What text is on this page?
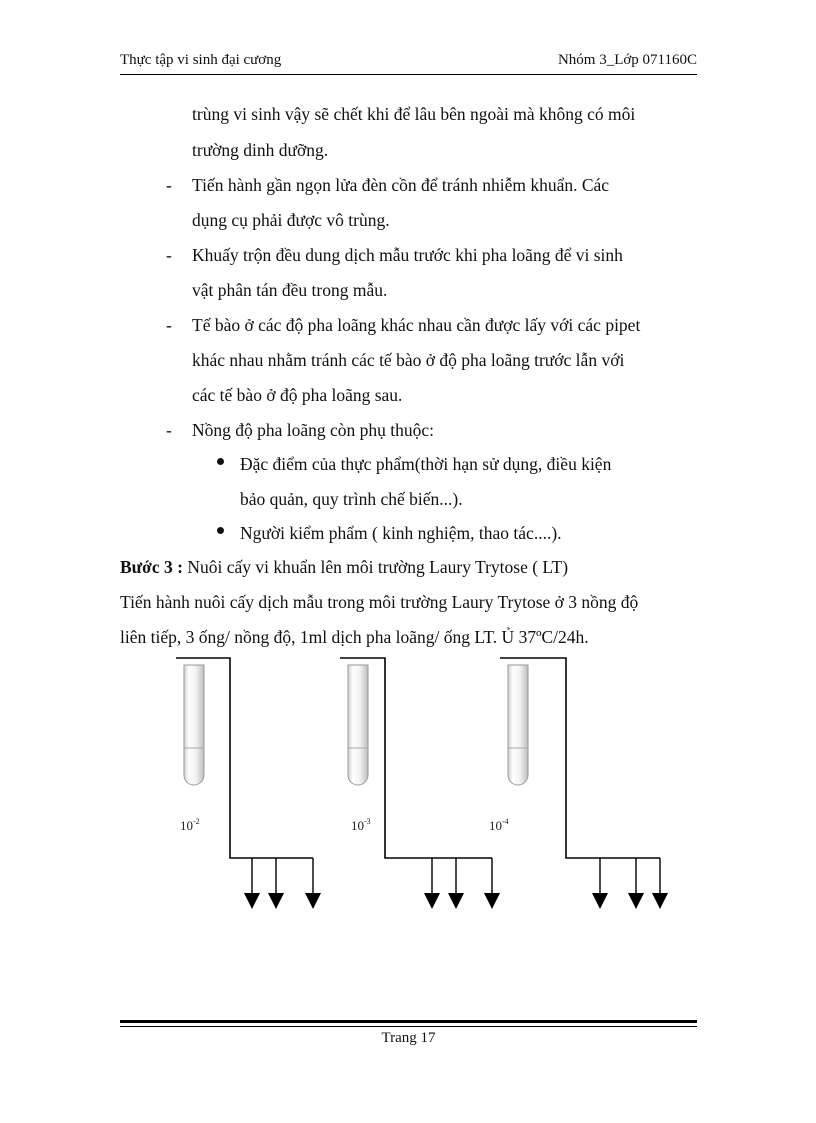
Thực tập vi sinh đại cương	Nhóm 3_Lớp 071160C
trùng vi sinh vậy sẽ chết khi để lâu bên ngoài mà không có môi
trường dinh dưỡng.
- Tiến hành gần ngọn lửa đèn cồn để tránh nhiễm khuẩn. Các
dụng cụ phải được vô trùng.
- Khuấy trộn đều dung dịch mẫu trước khi pha loãng để vi sinh
vật phân tán đều trong mẫu.
- Tế bào ở các độ pha loãng khác nhau cần được lấy với các pipet
khác nhau nhằm tránh các tế bào ở độ pha loãng trước lẫn với
các tế bào ở độ pha loãng sau.
- Nồng độ pha loãng còn phụ thuộc:
Đặc điểm của thực phẩm(thời hạn sử dụng, điều kiện
bảo quản, quy trình chế biến...).
Người kiểm phẩm ( kinh nghiệm, thao tác....).
Bước 3 : Nuôi cấy vi khuẩn lên môi trường Laury Trytose ( LT)
Tiến hành nuôi cấy dịch mẫu trong môi trường Laury Trytose ở 3 nồng độ
liên tiếp, 3 ống/ nồng độ, 1ml dịch pha loãng/ ống LT. Ủ 37ºC/24h.
$10^{-2}$	$10^{-3}$	$10^{-4}$
Trang 17
